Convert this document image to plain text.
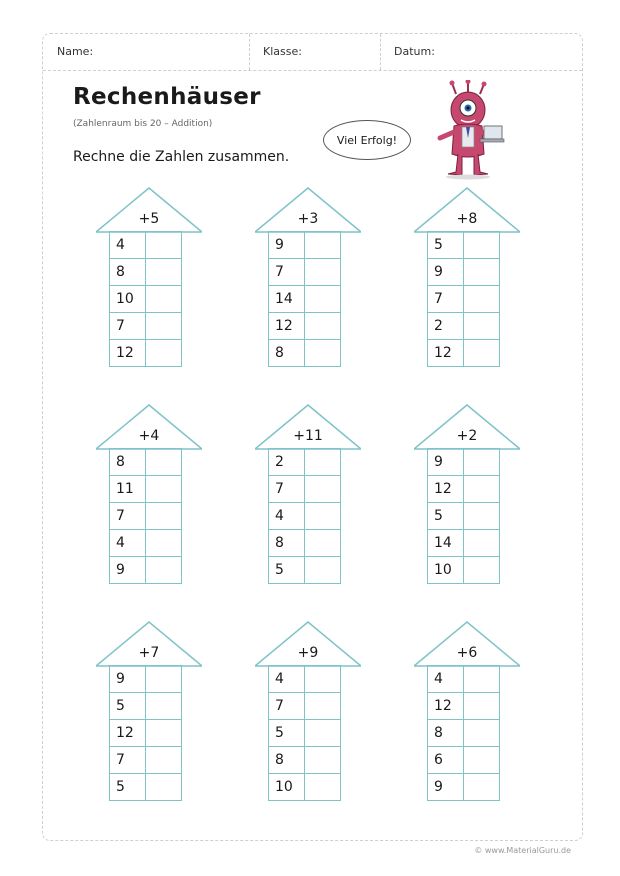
Name:	Klasse:	Datum:
Rechenhäuser
(Zahlenraum bis 20 – Addition)
Rechne die Zahlen zusammen.
Viel Erfolg!
+5
4	
8	
10	
7	
12	
+3
9	
7	
14	
12	
8	
+8
5	
9	
7	
2	
12	
+4
8	
11	
7	
4	
9	
+11
2	
7	
4	
8	
5	
+2
9	
12	
5	
14	
10	
+7
9	
5	
12	
7	
5	
+9
4	
7	
5	
8	
10	
+6
4	
12	
8	
6	
9	
© www.MaterialGuru.de
